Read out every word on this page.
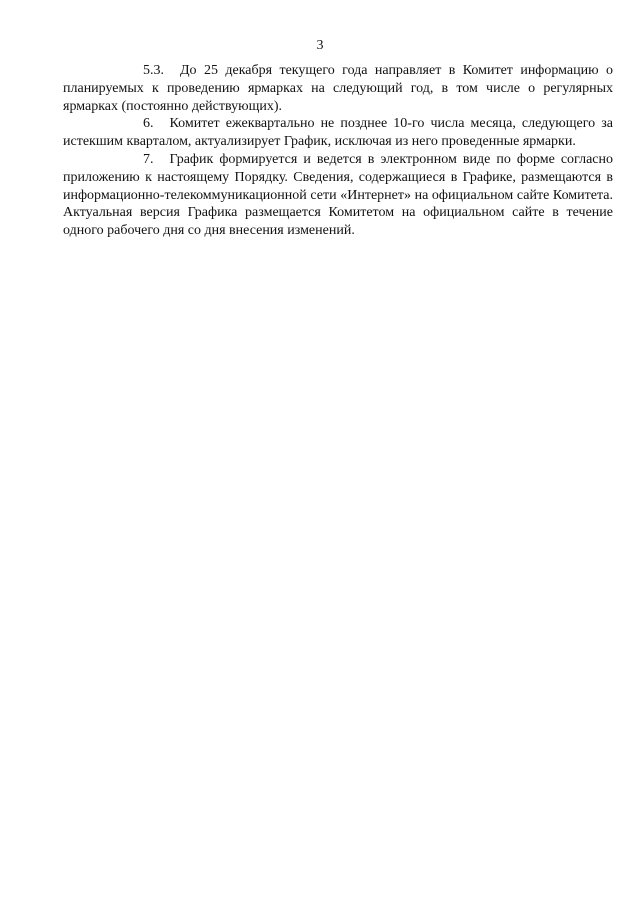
3

5.3. До 25 декабря текущего года направляет в Комитет информацию о планируемых к проведению ярмарках на следующий год, в том числе о регулярных ярмарках (постоянно действующих).

6. Комитет ежеквартально не позднее 10-го числа месяца, следующего за истекшим кварталом, актуализирует График, исключая из него проведенные ярмарки.

7. График формируется и ведется в электронном виде по форме согласно приложению к настоящему Порядку. Сведения, содержащиеся в Графике, размещаются в информационно-телекоммуникационной сети «Интернет» на официальном сайте Комитета. Актуальная версия Графика размещается Комитетом на официальном сайте в течение одного рабочего дня со дня внесения изменений.
